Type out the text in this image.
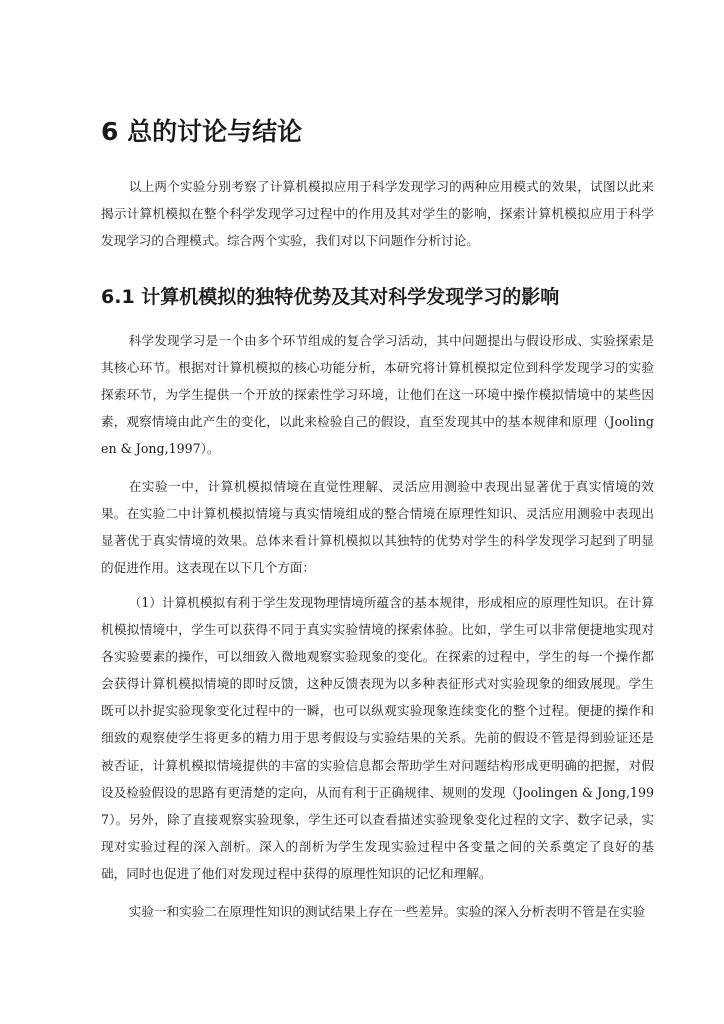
6 总的讨论与结论

以上两个实验分别考察了计算机模拟应用于科学发现学习的两种应用模式的效果，试图以此来揭示计算机模拟在整个科学发现学习过程中的作用及其对学生的影响，探索计算机模拟应用于科学发现学习的合理模式。综合两个实验，我们对以下问题作分析讨论。

6.1 计算机模拟的独特优势及其对科学发现学习的影响

科学发现学习是一个由多个环节组成的复合学习活动，其中问题提出与假设形成、实验探索是其核心环节。根据对计算机模拟的核心功能分析，本研究将计算机模拟定位到科学发现学习的实验探索环节，为学生提供一个开放的探索性学习环境，让他们在这一环境中操作模拟情境中的某些因素，观察情境由此产生的变化，以此来检验自己的假设，直至发现其中的基本规律和原理（Joolingen & Jong,1997）。

在实验一中，计算机模拟情境在直觉性理解、灵活应用测验中表现出显著优于真实情境的效果。在实验二中计算机模拟情境与真实情境组成的整合情境在原理性知识、灵活应用测验中表现出显著优于真实情境的效果。总体来看计算机模拟以其独特的优势对学生的科学发现学习起到了明显的促进作用。这表现在以下几个方面：

（1）计算机模拟有利于学生发现物理情境所蕴含的基本规律，形成相应的原理性知识。在计算机模拟情境中，学生可以获得不同于真实实验情境的探索体验。比如，学生可以非常便捷地实现对各实验要素的操作，可以细致入微地观察实验现象的变化。在探索的过程中，学生的每一个操作都会获得计算机模拟情境的即时反馈，这种反馈表现为以多种表征形式对实验现象的细致展现。学生既可以扑捉实验现象变化过程中的一瞬，也可以纵观实验现象连续变化的整个过程。便捷的操作和细致的观察使学生将更多的精力用于思考假设与实验结果的关系。先前的假设不管是得到验证还是被否证，计算机模拟情境提供的丰富的实验信息都会帮助学生对问题结构形成更明确的把握，对假设及检验假设的思路有更清楚的定向，从而有利于正确规律、规则的发现（Joolingen & Jong,1997）。另外，除了直接观察实验现象，学生还可以查看描述实验现象变化过程的文字、数字记录，实现对实验过程的深入剖析。深入的剖析为学生发现实验过程中各变量之间的关系奠定了良好的基础，同时也促进了他们对发现过程中获得的原理性知识的记忆和理解。

实验一和实验二在原理性知识的测试结果上存在一些差异。实验的深入分析表明不管是在实验
